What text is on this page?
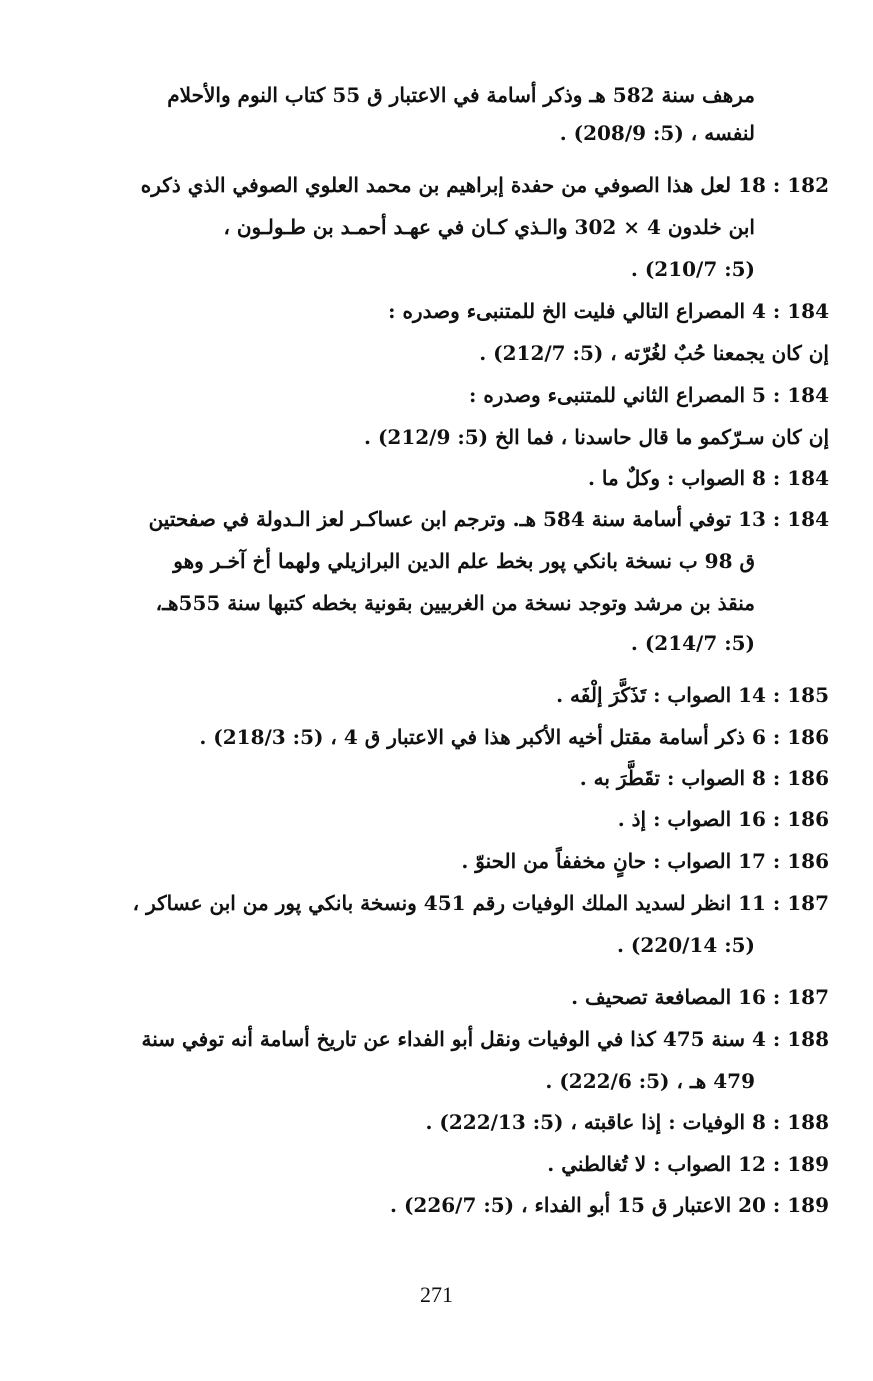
مرهف سنة 582 هـ وذكر أسامة في الاعتبار ق 55 كتاب النوم والأحلام
لنفسه ، (5: 208/9) .
182 : 18 لعل هذا الصوفي من حفدة إبراهيم بن محمد العلوي الصوفي الذي ذكره
ابن خلدون 4 × 302 والـذي كـان في عهـد أحمـد بن طـولـون ،
(5: 210/7) .
184 : 4 المصراع التالي فليت الخ للمتنبىء وصدره :
إن كان يجمعنا حُبٌ لغُرّته ، (5: 212/7) .
184 : 5 المصراع الثاني للمتنبىء وصدره :
إن كان سـرّكمو ما قال حاسدنا ، فما الخ (5: 212/9) .
184 : 8 الصواب : وكلٌ ما .
184 : 13 توفي أسامة سنة 584 هـ. وترجم ابن عساكـر لعز الـدولة في صفحتين
ق 98 ب نسخة بانكي پور بخط علم الدين البرازيلي ولهما أخ آخـر وهو
منقذ بن مرشد وتوجد نسخة من الغربيين بقونية بخطه كتبها سنة 555هـ،
(5: 214/7) .
185 : 14 الصواب : تَذَكَّرَ إلْفَه .
186 : 6 ذكر أسامة مقتل أخيه الأكبر هذا في الاعتبار ق 4 ، (5: 218/3) .
186 : 8 الصواب : تقَطَّرَ به .
186 : 16 الصواب : إذ .
186 : 17 الصواب : حانٍ مخففاً من الحنوّ .
187 : 11 انظر لسديد الملك الوفيات رقم 451 ونسخة بانكي پور من ابن عساكر ،
(5: 220/14) .
187 : 16 المصافعة تصحيف .
188 : 4 سنة 475 كذا في الوفيات ونقل أبو الفداء عن تاريخ أسامة أنه توفي سنة
479 هـ ، (5: 222/6) .
188 : 8 الوفيات : إذا عاقبته ، (5: 222/13) .
189 : 12 الصواب : لا تُغالطني .
189 : 20 الاعتبار ق 15 أبو الفداء ، (5: 226/7) .
271
